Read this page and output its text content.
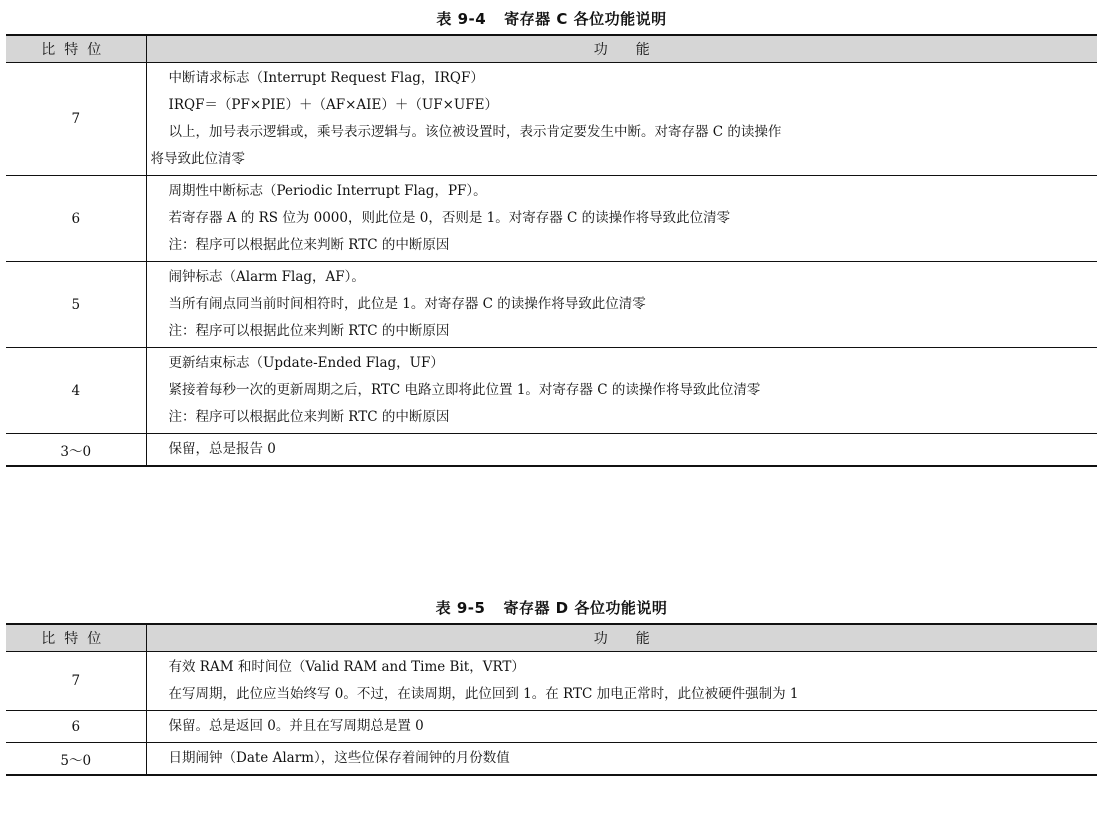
表 9-4 寄存器 C 各位功能说明
比特位	功能
7	中断请求标志（Interrupt Request Flag，IRQF）
IRQF＝（PF×PIE）＋（AF×AIE）＋（UF×UFE）
以上，加号表示逻辑或，乘号表示逻辑与。该位被设置时，表示肯定要发生中断。对寄存器 C 的读操作
将导致此位清零

6	周期性中断标志（Periodic Interrupt Flag，PF）。
若寄存器 A 的 RS 位为 0000，则此位是 0，否则是 1。对寄存器 C 的读操作将导致此位清零
注：程序可以根据此位来判断 RTC 的中断原因

5	闹钟标志（Alarm Flag，AF）。
当所有闹点同当前时间相符时，此位是 1。对寄存器 C 的读操作将导致此位清零
注：程序可以根据此位来判断 RTC 的中断原因

4	更新结束标志（Update-Ended Flag，UF）
紧接着每秒一次的更新周期之后，RTC 电路立即将此位置 1。对寄存器 C 的读操作将导致此位清零
注：程序可以根据此位来判断 RTC 的中断原因

3～0	保留，总是报告 0
表 9-5 寄存器 D 各位功能说明
比特位	功能
7	有效 RAM 和时间位（Valid RAM and Time Bit，VRT）
在写周期，此位应当始终写 0。不过，在读周期，此位回到 1。在 RTC 加电正常时，此位被硬件强制为 1

6	保留。总是返回 0。并且在写周期总是置 0

5～0	日期闹钟（Date Alarm），这些位保存着闹钟的月份数值
